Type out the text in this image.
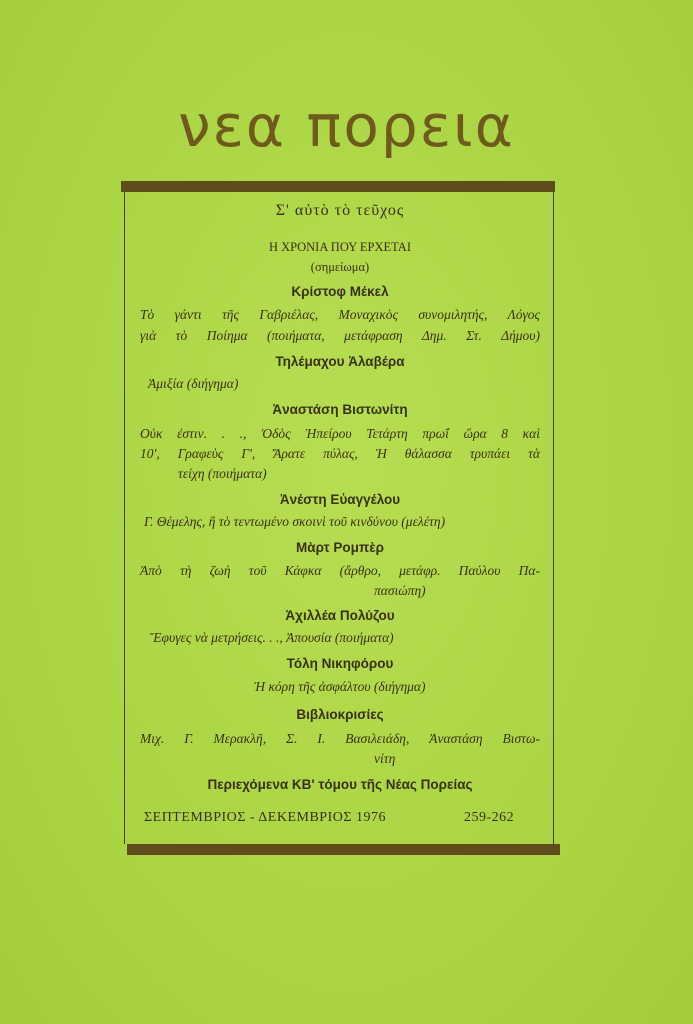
νεα πορεια
Σ' αὐτὸ τὸ τεῦχος
Η ΧΡΟΝΙΑ ΠΟΥ ΕΡΧΕΤΑΙ
(σημείωμα)
Κρίστοφ Μέκελ
Τὸ γάντι τῆς Γαβριέλας, Μοναχικὸς συνομιλητής, Λόγος
γιὰ τὸ Ποίημα (ποιήματα, μετάφραση Δημ. Στ. Δήμου)
Τηλέμαχου Ἀλαβέρα
Ἀμιξία (διήγημα)
Ἀναστάση Βιστωνίτη
Οὐκ ἐστιν. . ., Ὁδὸς Ἠπείρου Τετάρτη πρωΐ ὥρα 8 καὶ
10', Γραφεὺς Γ', Ἄρατε πύλας, Ἡ θάλασσα τρυπάει τὰ
τείχη (ποιήματα)
Ἀνέστη Εὐαγγέλου
Γ. Θέμελης, ἢ τὸ τεντωμένο σκοινὶ τοῦ κινδύνου (μελέτη)
Μὰρτ Ρομπὲρ
Ἀπὸ τὴ ζωὴ τοῦ Κάφκα (ἄρθρο, μετάφρ. Παύλου Πα-
πασιώπη)
Ἀχιλλέα Πολύζου
Ἔφυγες νὰ μετρήσεις. . ., Ἀπουσία (ποιήματα)
Τόλη Νικηφόρου
Ἡ κόρη τῆς ἀσφάλτου (διήγημα)
Βιβλιοκρισίες
Μιχ. Γ. Μερακλῆ, Σ. Ι. Βασιλειάδη, Ἀναστάση Βιστω-
νίτη
Περιεχόμενα ΚΒ' τόμου τῆς Νέας Πορείας
ΣΕΠΤΕΜΒΡΙΟΣ - ΔΕΚΕΜΒΡΙΟΣ 1976	259-262
